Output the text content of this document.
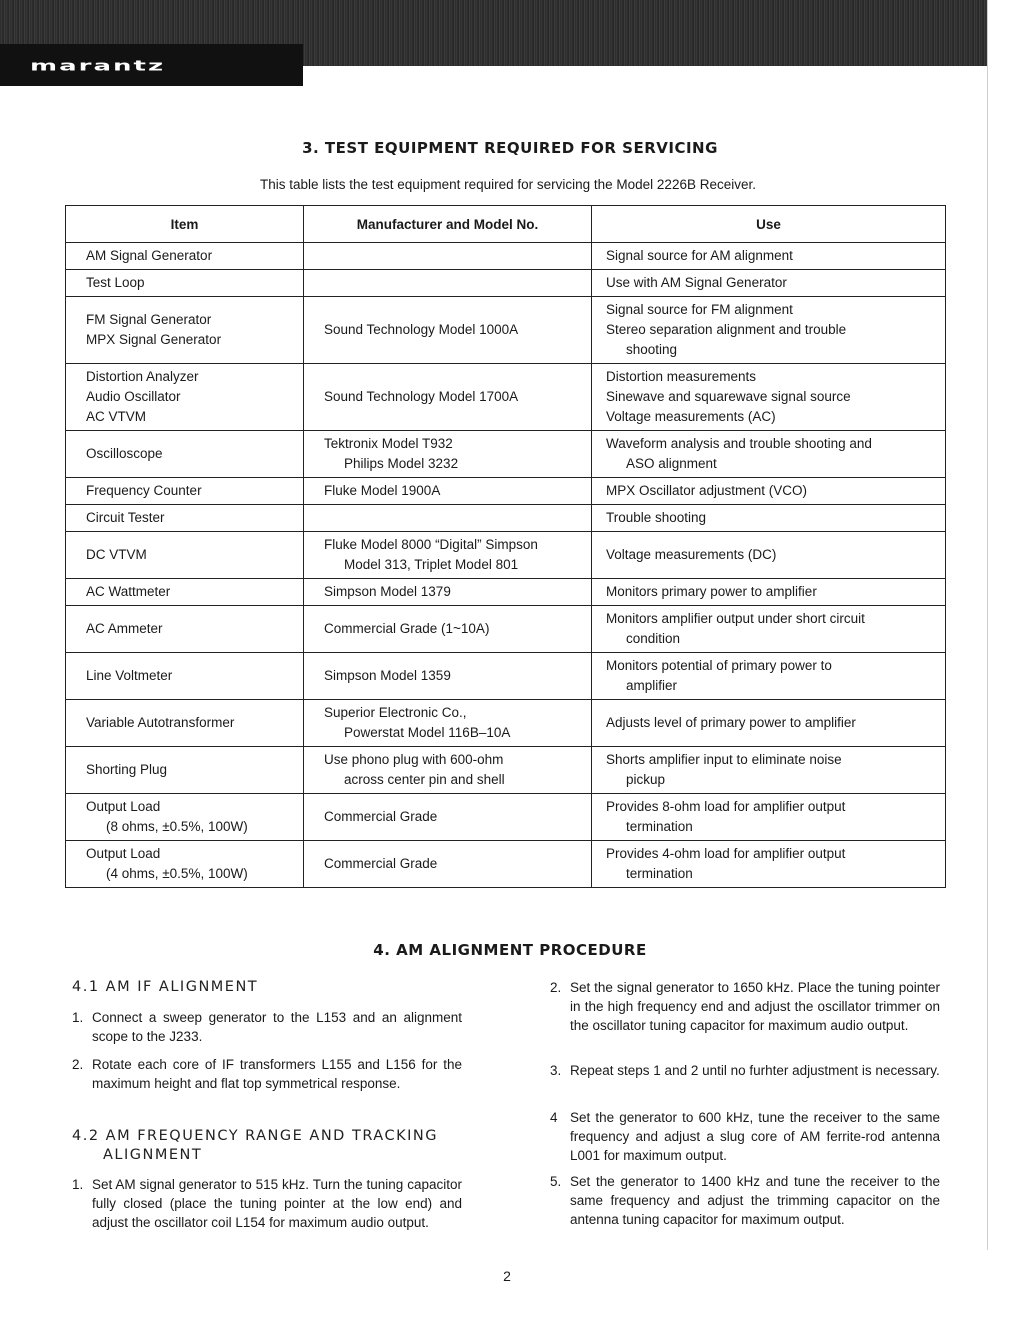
marantz
3. TEST EQUIPMENT REQUIRED FOR SERVICING
This table lists the test equipment required for servicing the Model 2226B Receiver.
Item	Manufacturer and Model No.	Use

AM Signal Generator		Signal source for AM alignment

Test Loop		Use with AM Signal Generator

FM Signal Generator
MPX Signal Generator	Sound Technology Model 1000A	Signal source for FM alignment
Stereo separation alignment and trouble
shooting

Distortion Analyzer
Audio Oscillator
AC VTVM	Sound Technology Model 1700A	Distortion measurements
Sinewave and squarewave signal source
Voltage measurements (AC)

Oscilloscope	Tektronix Model T932
Philips Model 3232	Waveform analysis and trouble shooting and
ASO alignment

Frequency Counter	Fluke Model 1900A	MPX Oscillator adjustment (VCO)

Circuit Tester		Trouble shooting

DC VTVM	Fluke Model 8000 “Digital” Simpson
Model 313, Triplet Model 801	Voltage measurements (DC)

AC Wattmeter	Simpson Model 1379	Monitors primary power to amplifier

AC Ammeter	Commercial Grade (1~10A)	Monitors amplifier output under short circuit
condition

Line Voltmeter	Simpson Model 1359	Monitors potential of primary power to
amplifier

Variable Autotransformer	Superior Electronic Co.,
Powerstat Model 116B–10A	Adjusts level of primary power to amplifier

Shorting Plug	Use phono plug with 600-ohm
across center pin and shell	Shorts amplifier input to eliminate noise
pickup

Output Load
(8 ohms, ±0.5%, 100W)	Commercial Grade	Provides 8-ohm load for amplifier output
termination

Output Load
(4 ohms, ±0.5%, 100W)	Commercial Grade	Provides 4-ohm load for amplifier output
termination
4. AM ALIGNMENT PROCEDURE
4.1 AM IF ALIGNMENT
1. Connect a sweep generator to the L153 and an alignment scope to the J233.
2. Rotate each core of IF transformers L155 and L156 for the maximum height and flat top symmetrical response.
4.2 AM FREQUENCY RANGE AND TRACKING
ALIGNMENT
1. Set AM signal generator to 515 kHz. Turn the tuning capacitor fully closed (place the tuning pointer at the low end) and adjust the oscillator coil L154 for maximum audio output.
2. Set the signal generator to 1650 kHz. Place the tuning pointer in the high frequency end and adjust the oscillator trimmer on the oscillator tuning capacitor for maximum audio output.
3. Repeat steps 1 and 2 until no furhter adjustment is necessary.
4 Set the generator to 600 kHz, tune the receiver to the same frequency and adjust a slug core of AM ferrite-rod antenna L001 for maximum output.
5. Set the generator to 1400 kHz and tune the receiver to the same frequency and adjust the trimming capacitor on the antenna tuning capacitor for maximum output.
2
